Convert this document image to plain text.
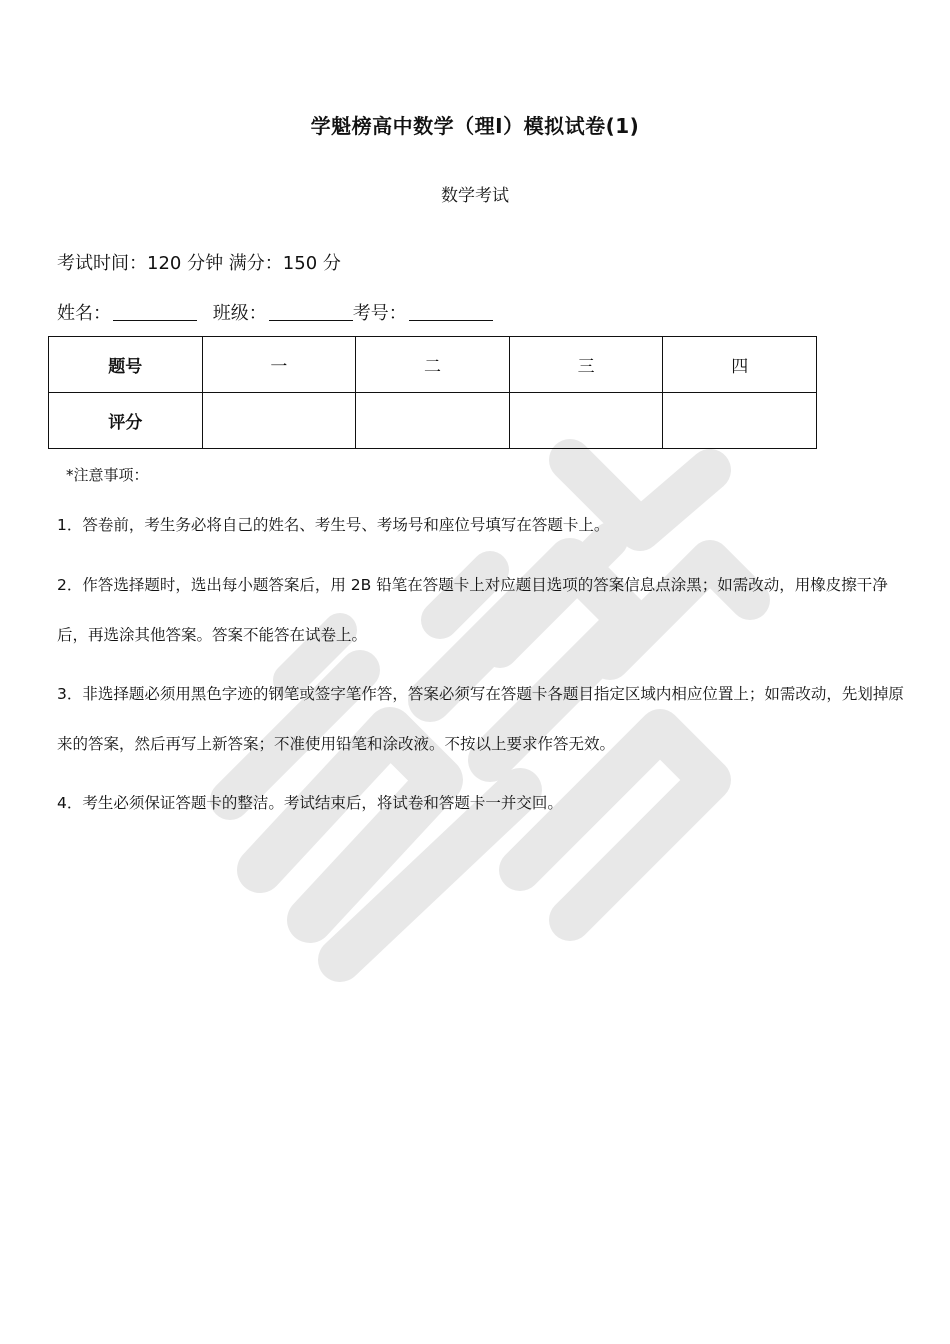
学魁榜高中数学（理Ⅰ）模拟试卷(1)
数学考试
考试时间：120 分钟 满分：150 分
姓名：	班级：	考号：
题号	一	二	三	四
评分				
*注意事项：
1．答卷前，考生务必将自己的姓名、考生号、考场号和座位号填写在答题卡上。
2．作答选择题时，选出每小题答案后，用 2B 铅笔在答题卡上对应题目选项的答案信息点涂黑；如需改动，用橡皮擦干净后，再选涂其他答案。答案不能答在试卷上。
3．非选择题必须用黑色字迹的钢笔或签字笔作答，答案必须写在答题卡各题目指定区域内相应位置上；如需改动，先划掉原来的答案，然后再写上新答案；不准使用铅笔和涂改液。不按以上要求作答无效。
4．考生必须保证答题卡的整洁。考试结束后，将试卷和答题卡一并交回。
